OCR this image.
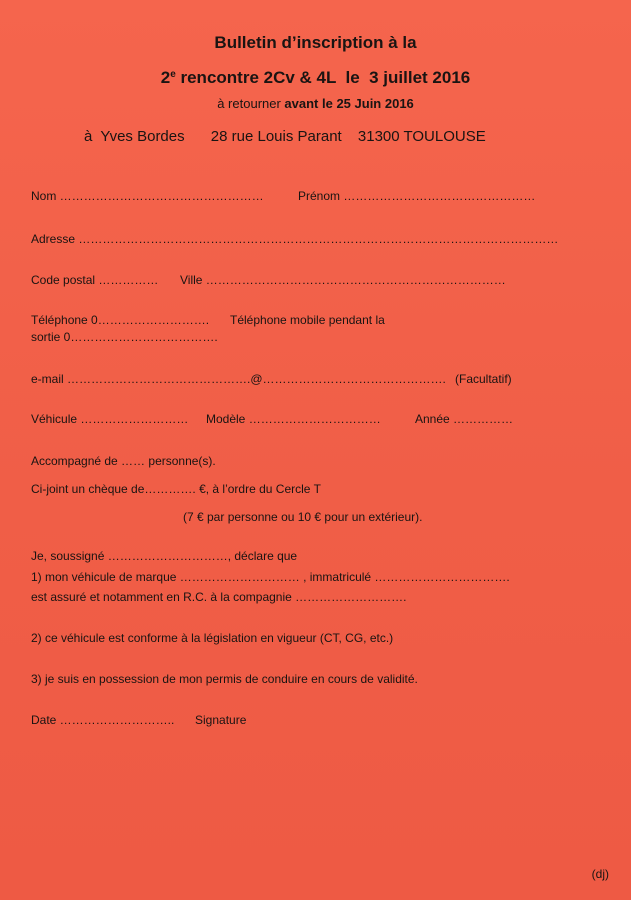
Bulletin d’inscription à la
2e rencontre 2Cv & 4L  le  3 juillet 2016
à retourner avant le 25 Juin 2016
à  Yves Bordes 28 rue Louis Parant 31300 TOULOUSE
Nom ……………………………………………	Prénom …………………………………………
Adresse …………………………………………………………………………………………………………
Code postal …………… Ville …………………………………………………………………
Téléphone 0………………………. Téléphone mobile pendant la
sortie 0……………………………….
e-mail ……………………………………….@………………………………………. (Facultatif)
Véhicule ……………………… Modèle ……………………………	Année ……………
Accompagné de …… personne(s).
Ci-joint un chèque de…………. €, à l’ordre du Cercle T
(7 € par personne ou 10 € pour un extérieur).
Je, soussigné …………………………, déclare que
1) mon véhicule de marque ………………………… , immatriculé …………………………….
est assuré et notamment en R.C. à la compagnie ……………………….
2) ce véhicule est conforme à la législation en vigueur (CT, CG, etc.)
3) je suis en possession de mon permis de conduire en cours de validité.
Date ……………………….. Signature
(dj)
